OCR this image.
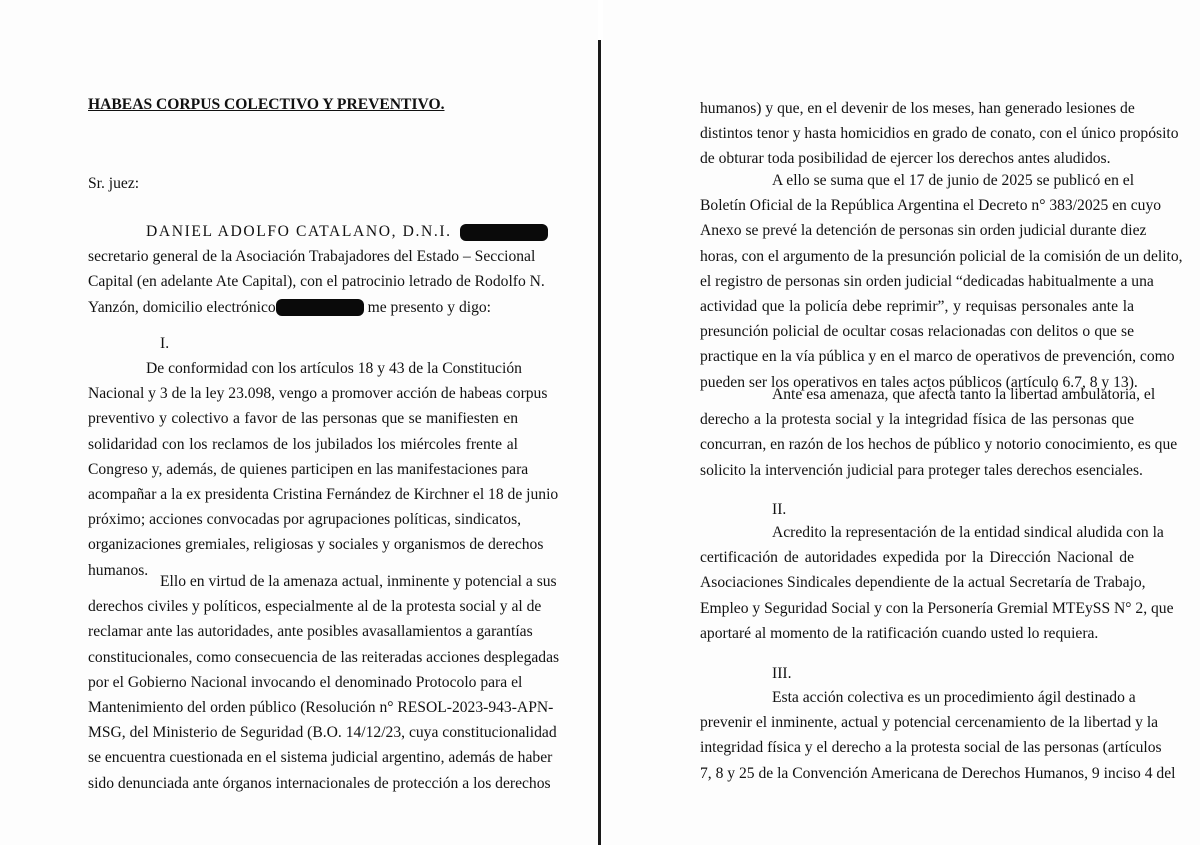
HABEAS CORPUS COLECTIVO Y PREVENTIVO.
Sr. juez:
DANIEL ADOLFO CATALANO, D.N.I.
secretario general de la Asociación Trabajadores del Estado – Seccional
Capital (en adelante Ate Capital), con el patrocinio letrado de Rodolfo N.
Yanzón, domicilio electrónico	me presento y digo:
I.
De conformidad con los artículos 18 y 43 de la Constitución
Nacional y 3 de la ley 23.098, vengo a promover acción de habeas corpus
preventivo y colectivo a favor de las personas que se manifiesten en
solidaridad con los reclamos de los jubilados los miércoles frente al
Congreso y, además, de quienes participen en las manifestaciones para
acompañar a la ex presidenta Cristina Fernández de Kirchner el 18 de junio
próximo; acciones convocadas por agrupaciones políticas, sindicatos,
organizaciones gremiales, religiosas y sociales y organismos de derechos
humanos.
Ello en virtud de la amenaza actual, inminente y potencial a sus
derechos civiles y políticos, especialmente al de la protesta social y al de
reclamar ante las autoridades, ante posibles avasallamientos a garantías
constitucionales, como consecuencia de las reiteradas acciones desplegadas
por el Gobierno Nacional invocando el denominado Protocolo para el
Mantenimiento del orden público (Resolución n° RESOL-2023-943-APN-
MSG, del Ministerio de Seguridad (B.O. 14/12/23, cuya constitucionalidad
se encuentra cuestionada en el sistema judicial argentino, además de haber
sido denunciada ante órganos internacionales de protección a los derechos
humanos) y que, en el devenir de los meses, han generado lesiones de
distintos tenor y hasta homicidios en grado de conato, con el único propósito
de obturar toda posibilidad de ejercer los derechos antes aludidos.
A ello se suma que el 17 de junio de 2025 se publicó en el
Boletín Oficial de la República Argentina el Decreto n° 383/2025 en cuyo
Anexo se prevé la detención de personas sin orden judicial durante diez
horas, con el argumento de la presunción policial de la comisión de un delito,
el registro de personas sin orden judicial “dedicadas habitualmente a una
actividad que la policía debe reprimir”, y requisas personales ante la
presunción policial de ocultar cosas relacionadas con delitos o que se
practique en la vía pública y en el marco de operativos de prevención, como
pueden ser los operativos en tales actos públicos (artículo 6.7, 8 y 13).
Ante esa amenaza, que afecta tanto la libertad ambulatoria, el
derecho a la protesta social y la integridad física de las personas que
concurran, en razón de los hechos de público y notorio conocimiento, es que
solicito la intervención judicial para proteger tales derechos esenciales.
II.
Acredito la representación de la entidad sindical aludida con la
certificación de autoridades expedida por la Dirección Nacional de
Asociaciones Sindicales dependiente de la actual Secretaría de Trabajo,
Empleo y Seguridad Social y con la Personería Gremial MTEySS N° 2, que
aportaré al momento de la ratificación cuando usted lo requiera.
III.
Esta acción colectiva es un procedimiento ágil destinado a
prevenir el inminente, actual y potencial cercenamiento de la libertad y la
integridad física y el derecho a la protesta social de las personas (artículos
7, 8 y 25 de la Convención Americana de Derechos Humanos, 9 inciso 4 del
